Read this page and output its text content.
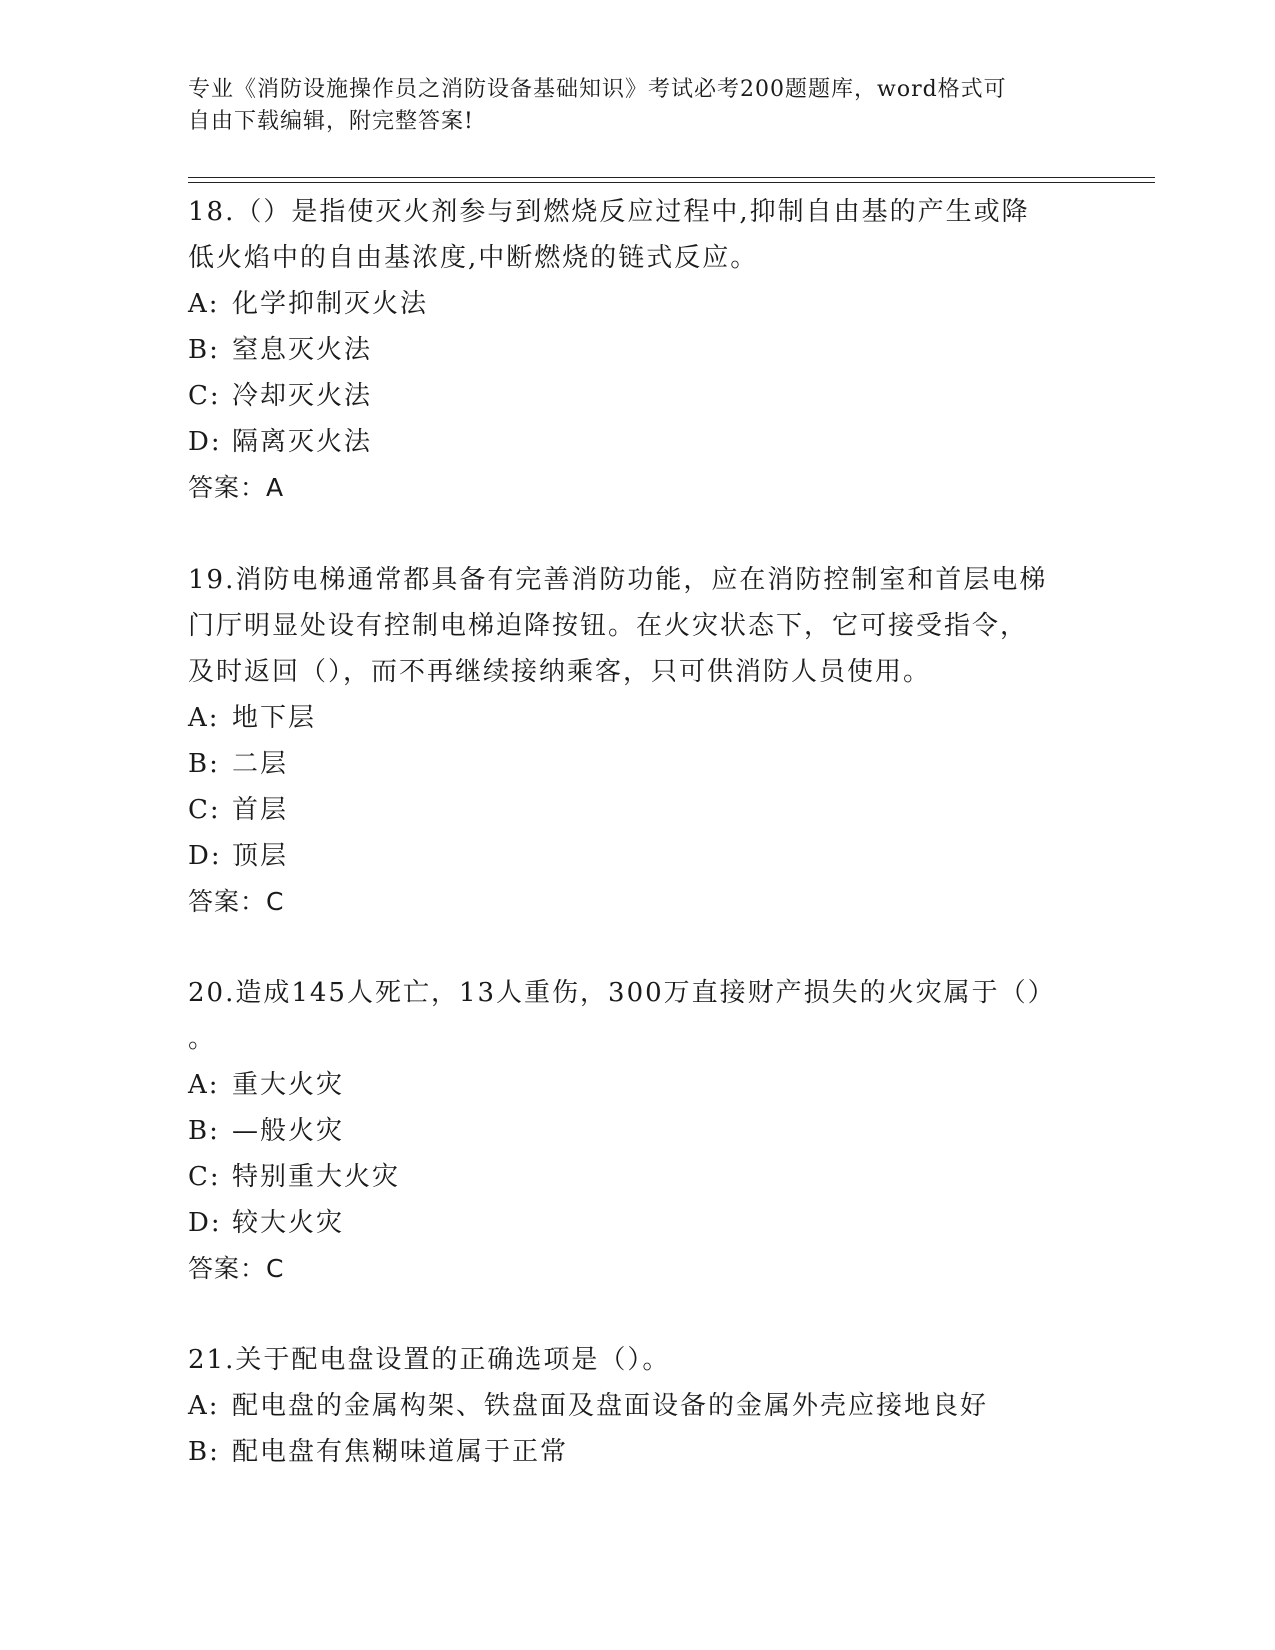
专业《消防设施操作员之消防设备基础知识》考试必考200题题库，word格式可
自由下载编辑，附完整答案!
18.（）是指使灭火剂参与到燃烧反应过程中,抑制自由基的产生或降
低火焰中的自由基浓度,中断燃烧的链式反应。
A: 化学抑制灭火法
B: 窒息灭火法
C: 冷却灭火法
D: 隔离灭火法
答案：A
19.消防电梯通常都具备有完善消防功能，应在消防控制室和首层电梯
门厅明显处设有控制电梯迫降按钮。在火灾状态下，它可接受指令，
及时返回（），而不再继续接纳乘客，只可供消防人员使用。
A: 地下层
B: 二层
C: 首层
D: 顶层
答案：C
20.造成145人死亡，13人重伤，300万直接财产损失的火灾属于（）
。
A: 重大火灾
B: —般火灾
C: 特别重大火灾
D: 较大火灾
答案：C
21.关于配电盘设置的正确选项是（）。
A: 配电盘的金属构架、铁盘面及盘面设备的金属外壳应接地良好
B: 配电盘有焦糊味道属于正常
